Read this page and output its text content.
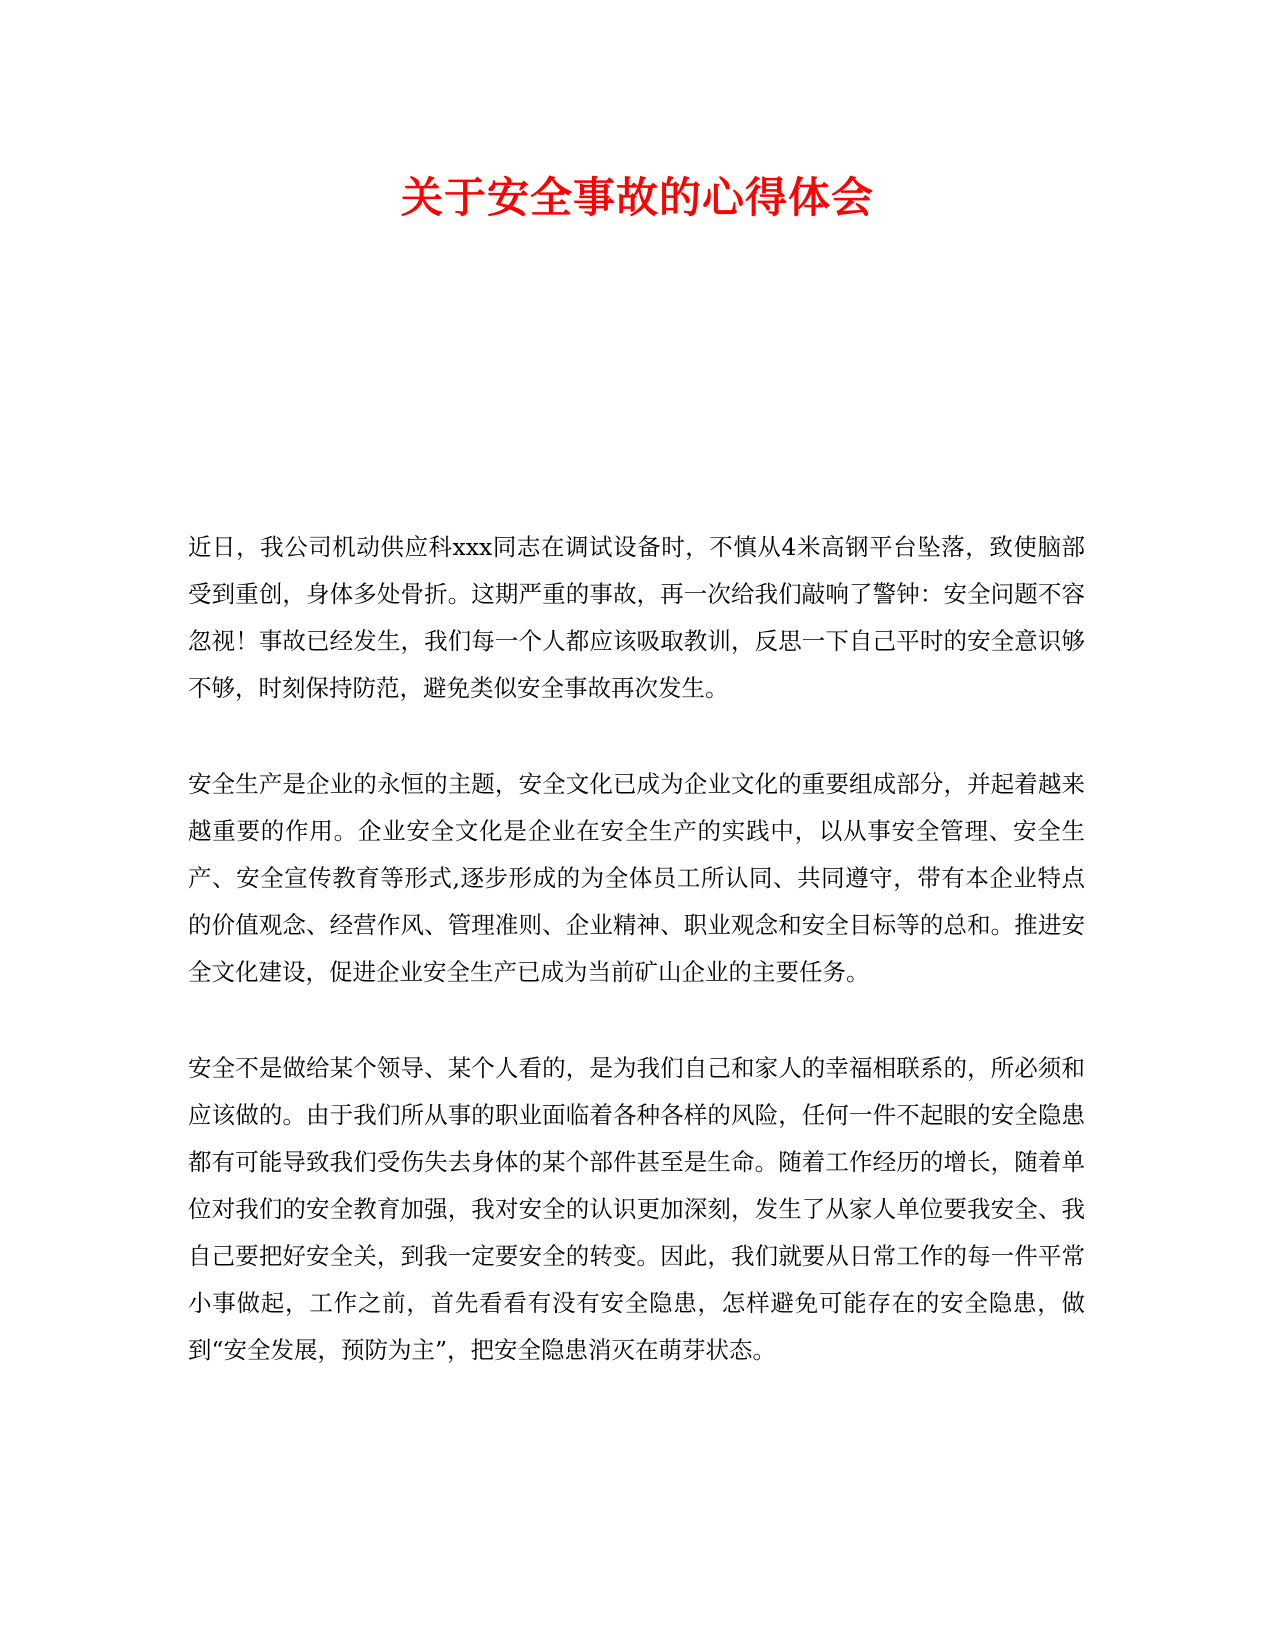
关于安全事故的心得体会

近日，我公司机动供应科xxx同志在调试设备时，不慎从4米高钢平台坠落，致使脑部受到重创，身体多处骨折。这期严重的事故，再一次给我们敲响了警钟：安全问题不容忽视！事故已经发生，我们每一个人都应该吸取教训，反思一下自己平时的安全意识够不够，时刻保持防范，避免类似安全事故再次发生。

安全生产是企业的永恒的主题，安全文化已成为企业文化的重要组成部分，并起着越来越重要的作用。企业安全文化是企业在安全生产的实践中，以从事安全管理、安全生产、安全宣传教育等形式,逐步形成的为全体员工所认同、共同遵守，带有本企业特点的价值观念、经营作风、管理准则、企业精神、职业观念和安全目标等的总和。推进安全文化建设，促进企业安全生产已成为当前矿山企业的主要任务。

安全不是做给某个领导、某个人看的，是为我们自己和家人的幸福相联系的，所必须和应该做的。由于我们所从事的职业面临着各种各样的风险，任何一件不起眼的安全隐患都有可能导致我们受伤失去身体的某个部件甚至是生命。随着工作经历的增长，随着单位对我们的安全教育加强，我对安全的认识更加深刻，发生了从家人单位要我安全、我自己要把好安全关，到我一定要安全的转变。因此，我们就要从日常工作的每一件平常小事做起，工作之前，首先看看有没有安全隐患，怎样避免可能存在的安全隐患，做到“安全发展，预防为主”，把安全隐患消灭在萌芽状态。
